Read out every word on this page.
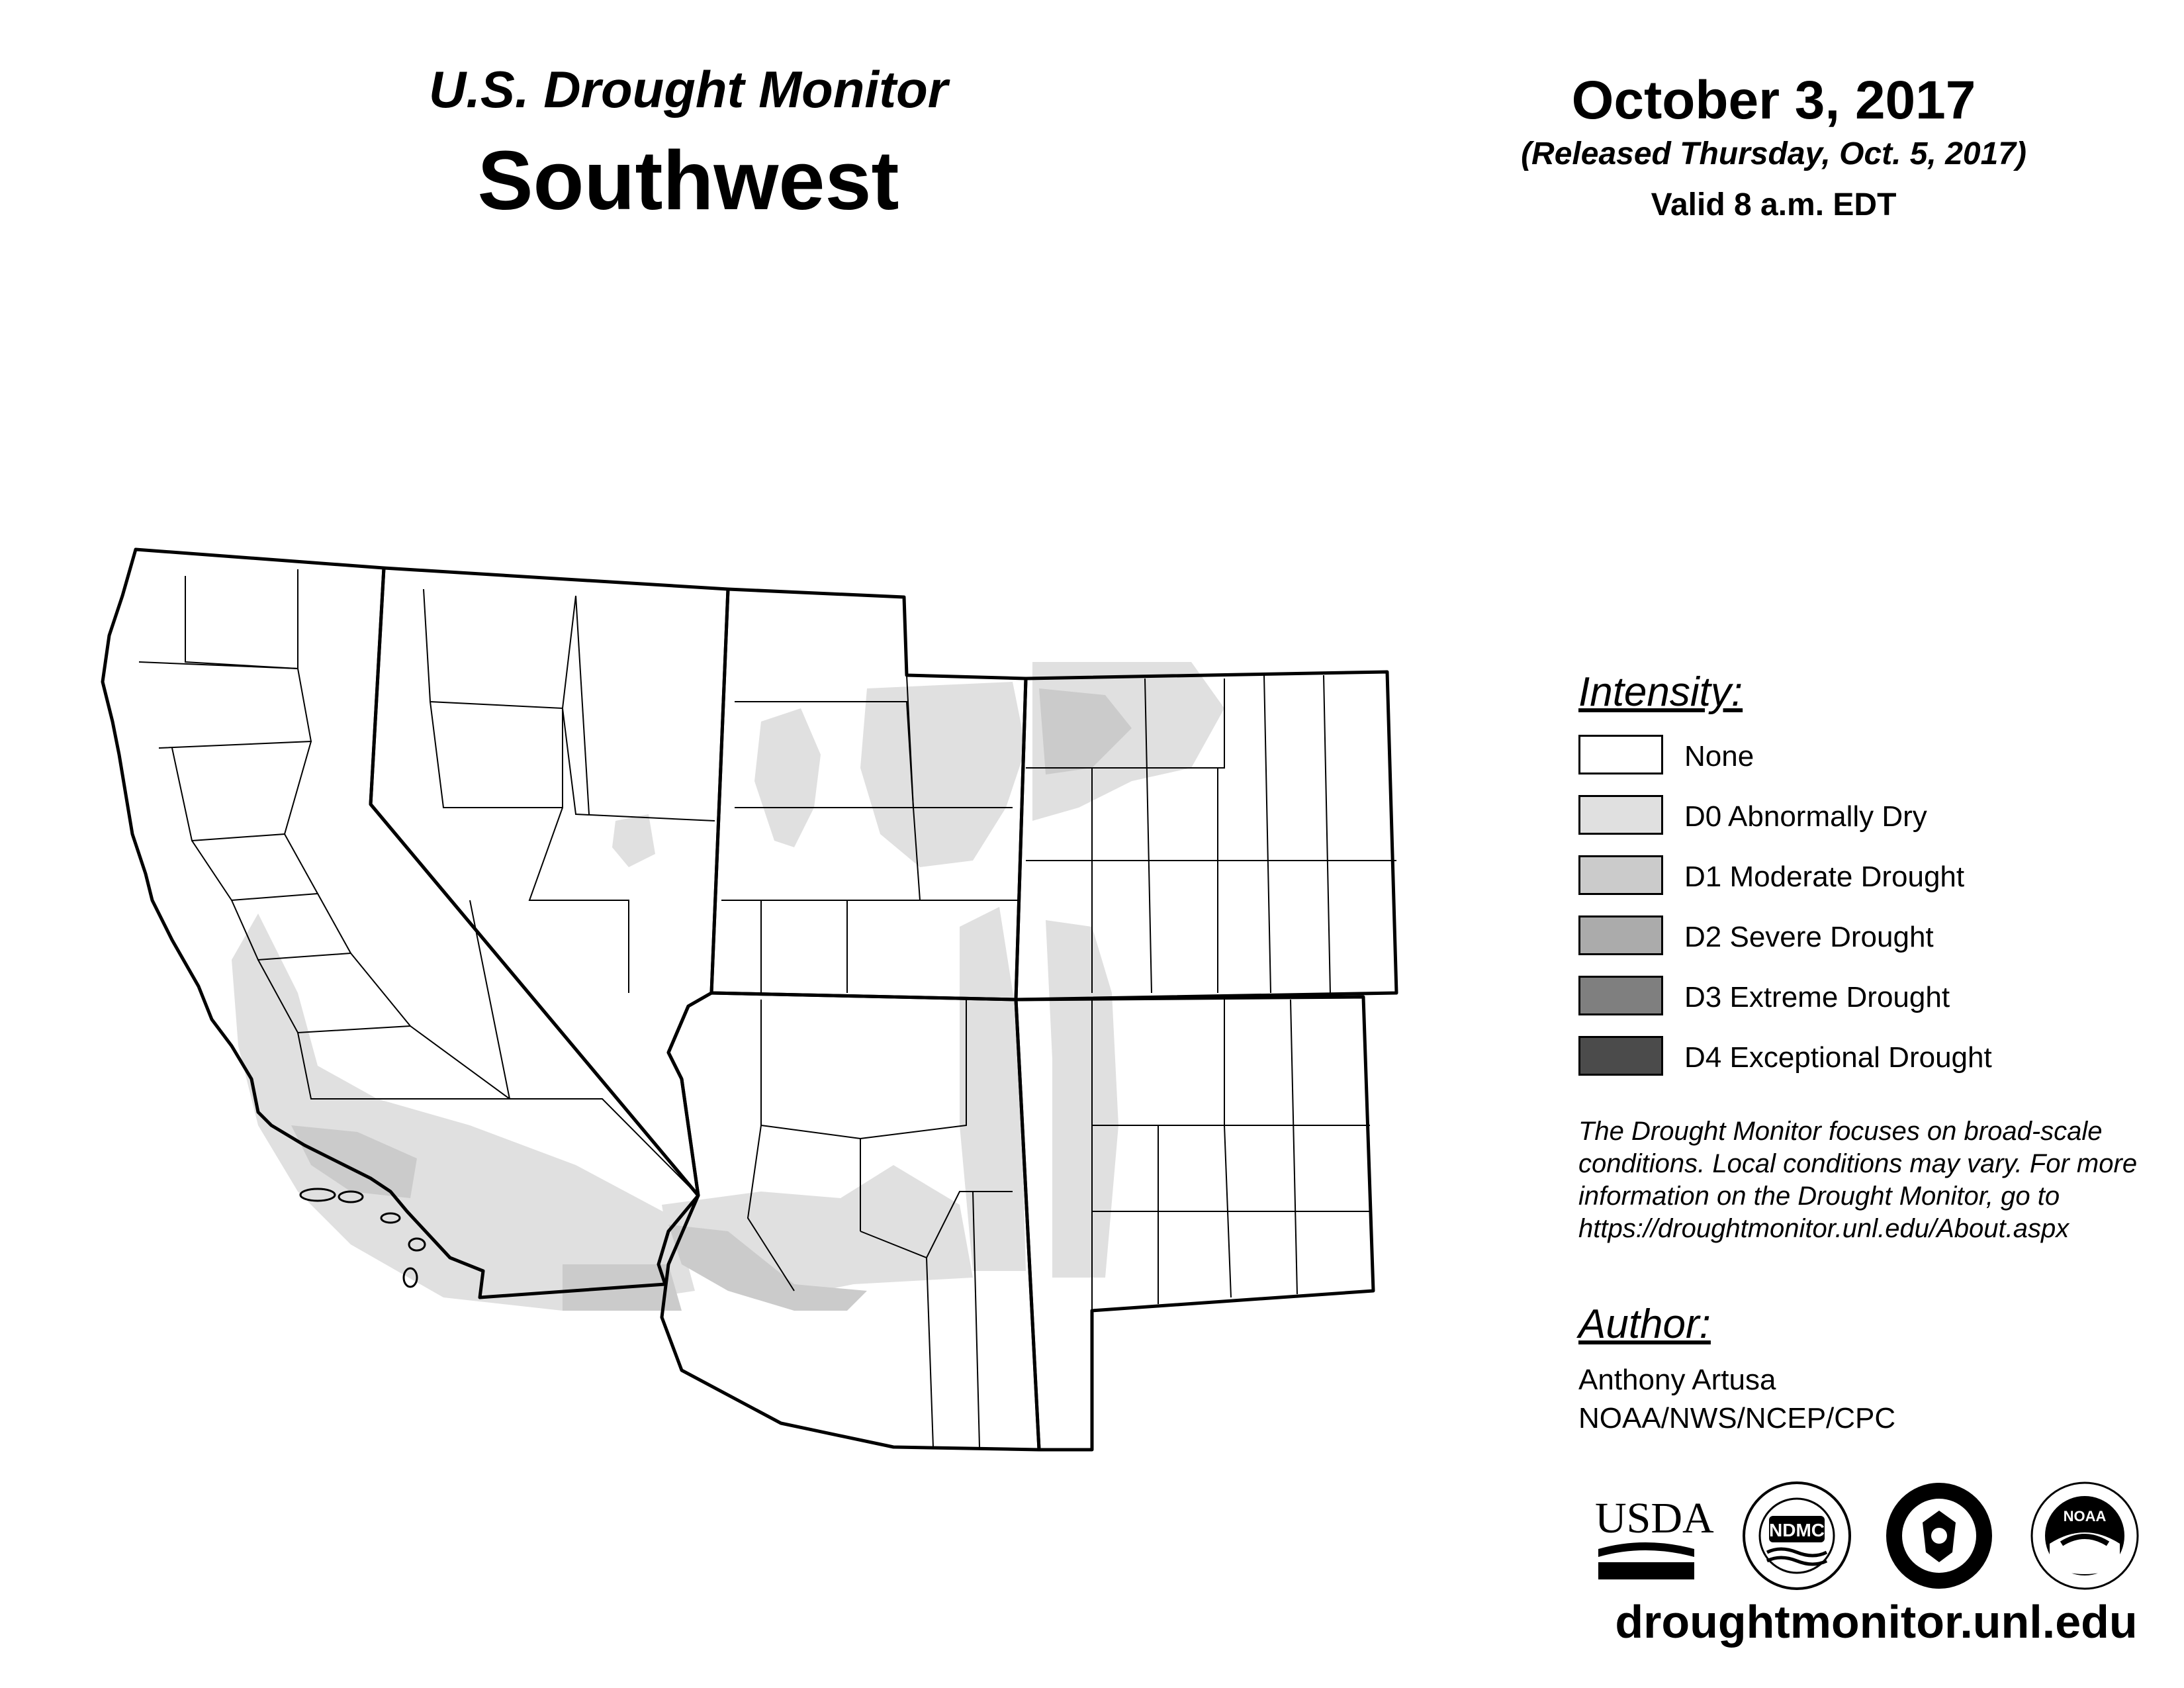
U.S. Drought Monitor
Southwest
October 3, 2017
(Released Thursday, Oct. 5, 2017)
Valid 8 a.m. EDT
Intensity:
None
D0 Abnormally Dry
D1 Moderate Drought
D2 Severe Drought
D3 Extreme Drought
D4 Exceptional Drought
The Drought Monitor focuses on broad-scale conditions. Local conditions may vary. For more information on the Drought Monitor, go to https://droughtmonitor.unl.edu/About.aspx
Author:
Anthony Artusa
NOAA/NWS/NCEP/CPC
USDA	NDMC
NOAA
droughtmonitor.unl.edu
